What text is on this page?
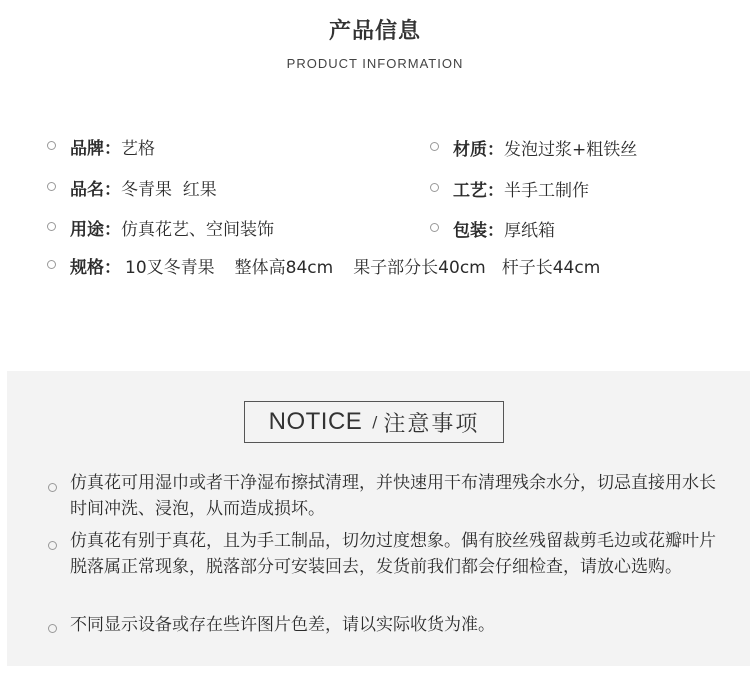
产品信息
PRODUCT INFORMATION
品牌：艺格	材质：发泡过浆+粗铁丝
品名：冬青果  红果	工艺：半手工制作
用途：仿真花艺、空间装饰	包装：厚纸箱
规格： 10叉冬青果 整体高84cm 果子部分长40cm 杆子长44cm
NOTICE / 注意事项
仿真花可用湿巾或者干净湿布擦拭清理，并快速用干布清理残余水分，切忌直接用水长时间冲洗、浸泡，从而造成损坏。
仿真花有别于真花，且为手工制品，切勿过度想象。偶有胶丝残留裁剪毛边或花瓣叶片脱落属正常现象，脱落部分可安装回去，发货前我们都会仔细检查，请放心选购。
不同显示设备或存在些许图片色差，请以实际收货为准。
